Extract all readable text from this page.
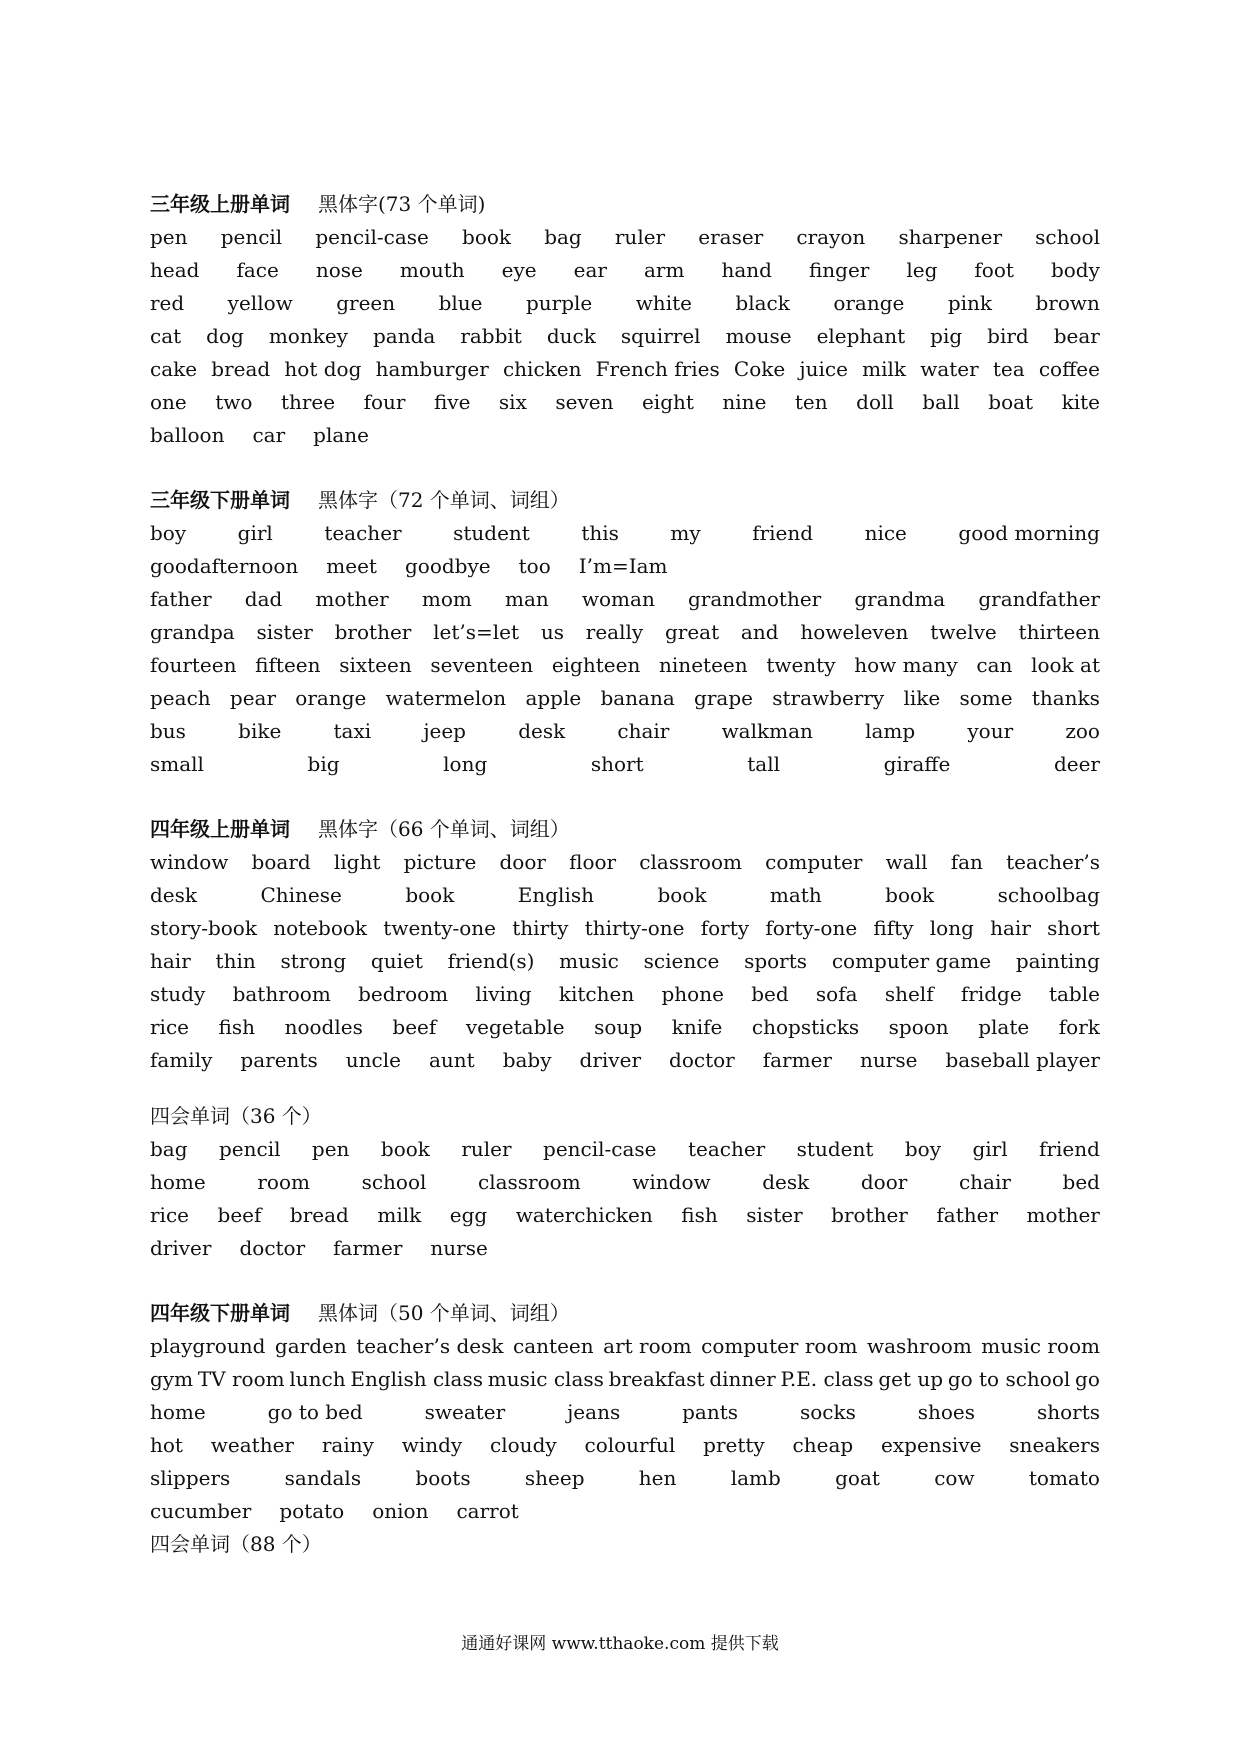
三年级上册单词 黑体字(73 个单词)
pen pencil pencil-case book bag ruler eraser crayon sharpener school
head face nose mouth eye ear arm hand finger leg foot body
red yellow green blue purple white black orange pink brown
cat dog monkey panda rabbit duck squirrel mouse elephant pig bird bear
cake bread hot dog hamburger chicken French fries Coke juice milk water tea coffee
one two three four five six seven eight nine ten doll ball boat kite
balloon car plane
三年级下册单词 黑体字（72 个单词、词组）
boy	girl	teacher	student	this	my	friend	nice	good morning
goodafternoon meet goodbye too I’m=Iam
father dad mother mom man woman grandmother grandma grandfather
grandpa sister brother let’s=let us really great and howeleven twelve thirteen
fourteen fifteen sixteen seventeen eighteen nineteen twenty how many can look at
peach pear orange watermelon apple banana grape strawberry like some thanks
bus	bike	taxi	jeep	desk	chair	walkman	lamp	your	zoo
small	big	long	short	tall	giraffe	deer
四年级上册单词 黑体字（66 个单词、词组）
window board light picture door floor classroom computer wall fan teacher’s
desk	Chinese	book	English	book	math	book	schoolbag
story-book notebook twenty-one thirty thirty-one forty forty-one fifty long hair short
hair thin strong quiet friend(s) music science sports computer game painting
study bathroom bedroom living kitchen phone bed sofa shelf fridge table
rice fish noodles beef vegetable soup knife chopsticks spoon plate fork
family parents uncle aunt baby driver doctor farmer nurse baseball player
四会单词（36 个）
bag pencil pen book ruler pencil-case teacher student boy girl friend
home	room	school	classroom	window	desk	door	chair	bed
rice beef bread milk egg waterchicken fish sister brother father mother
driver doctor farmer nurse
四年级下册单词 黑体词（50 个单词、词组）
playground garden teacher’s desk canteen art room computer room washroom music room
gym TV room lunch English class music class breakfast dinner P.E. class get up go to school go
home	go to bed	sweater	jeans	pants	socks	shoes	shorts
hot weather rainy windy cloudy colourful pretty cheap expensive sneakers
slippers	sandals	boots	sheep	hen	lamb	goat	cow	tomato
cucumber potato onion carrot
四会单词（88 个）
通通好课网 www.tthaoke.com 提供下载
